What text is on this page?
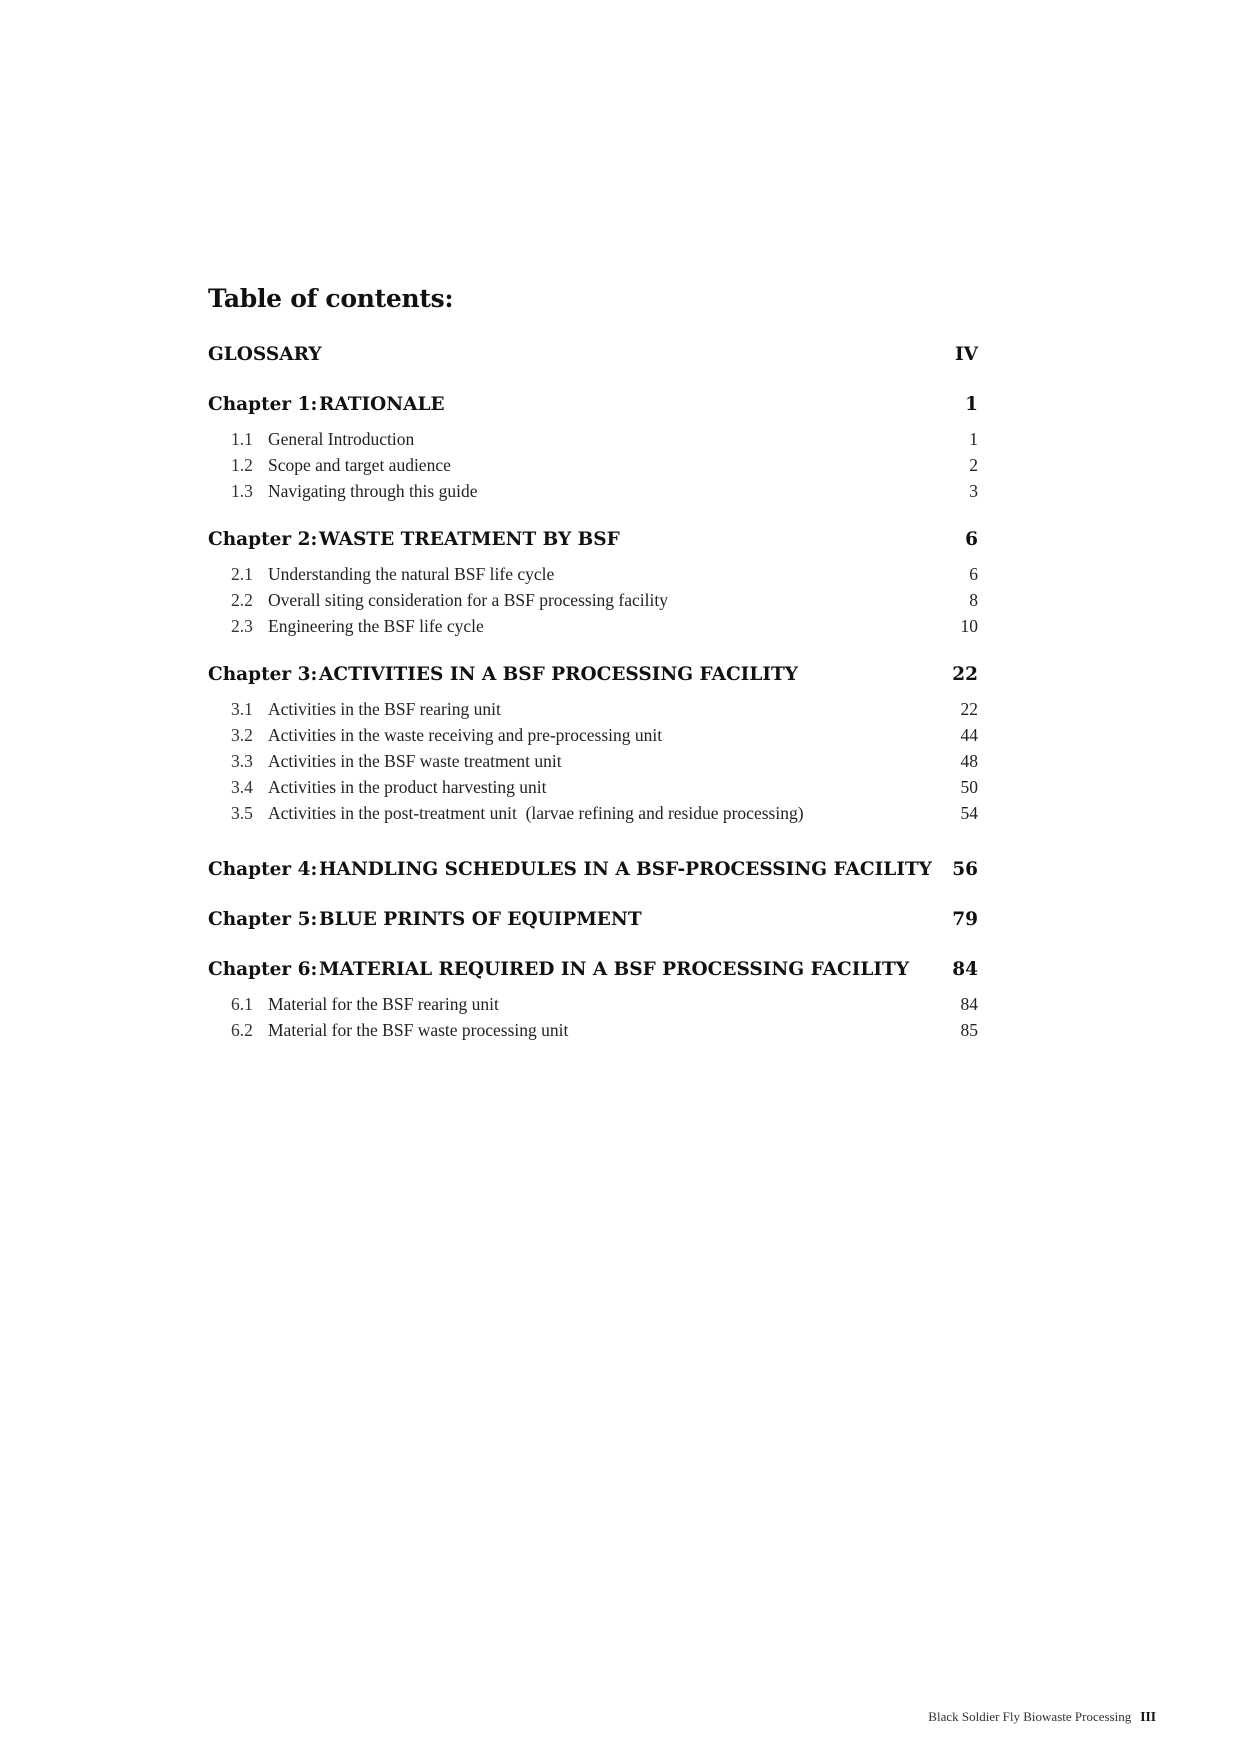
Table of contents:
GLOSSARY	IV
Chapter 1: RATIONALE	1
1.1 General Introduction	1
1.2 Scope and target audience	2
1.3 Navigating through this guide	3
Chapter 2: WASTE TREATMENT BY BSF	6
2.1 Understanding the natural BSF life cycle	6
2.2 Overall siting consideration for a BSF processing facility	8
2.3 Engineering the BSF life cycle	10
Chapter 3: ACTIVITIES IN A BSF PROCESSING FACILITY	22
3.1 Activities in the BSF rearing unit	22
3.2 Activities in the waste receiving and pre-processing unit	44
3.3 Activities in the BSF waste treatment unit	48
3.4 Activities in the product harvesting unit	50
3.5 Activities in the post-treatment unit  (larvae refining and residue processing)	54
Chapter 4: HANDLING SCHEDULES IN A BSF-PROCESSING FACILITY	56
Chapter 5: BLUE PRINTS OF EQUIPMENT	79
Chapter 6: MATERIAL REQUIRED IN A BSF PROCESSING FACILITY	84
6.1 Material for the BSF rearing unit	84
6.2 Material for the BSF waste processing unit	85
Black Soldier Fly Biowaste Processing III
